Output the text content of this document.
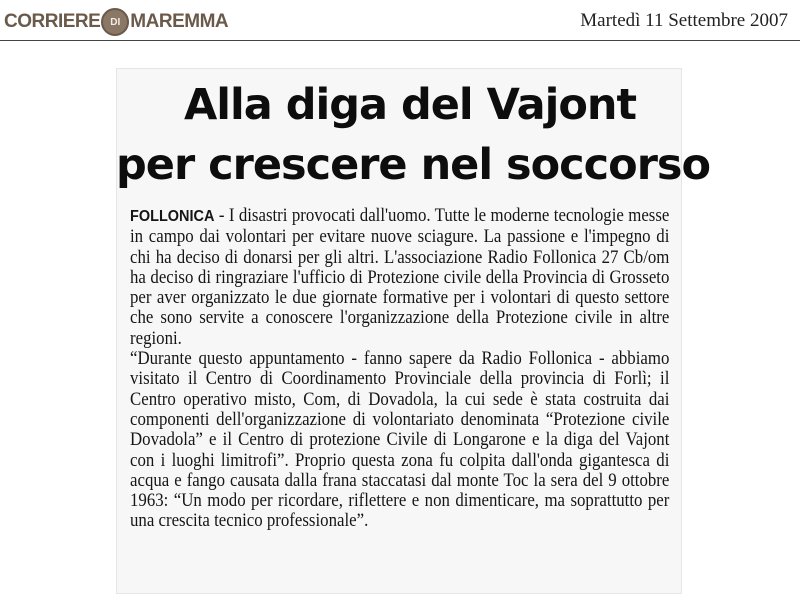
CORRIERE	DI MAREMMA	Martedì 11 Settembre 2007
Alla diga del Vajont
per crescere nel soccorso

FOLLONICA - I disastri provocati dall'uomo. Tutte le moderne tecnologie messe in campo dai volontari per evitare nuove sciagure. La passione e l'impegno di chi ha deciso di donarsi per gli altri. L'associazione Radio Follonica 27 Cb/om ha deciso di ringraziare l'ufficio di Protezione civile della Provincia di Grosseto per aver organizzato le due giornate formative per i volontari di questo settore che sono servite a conoscere l'organizzazione della Protezione civile in altre regioni.

“Durante questo appuntamento - fanno sapere da Radio Follonica - abbiamo visitato il Centro di Coordinamento Provinciale della provincia di Forlì; il Centro operativo misto, Com, di Dovadola, la cui sede è stata costruita dai componenti dell'organizzazione di volontariato denominata “Protezione civile Dovadola” e il Centro di protezione Civile di Longarone e la diga del Vajont con i luoghi limitrofi”. Proprio questa zona fu colpita dall'onda gigantesca di acqua e fango causata dalla frana staccatasi dal monte Toc la sera del 9 ottobre 1963: “Un modo per ricordare, riflettere e non dimenticare, ma soprattutto per una crescita tecnico professionale”.
